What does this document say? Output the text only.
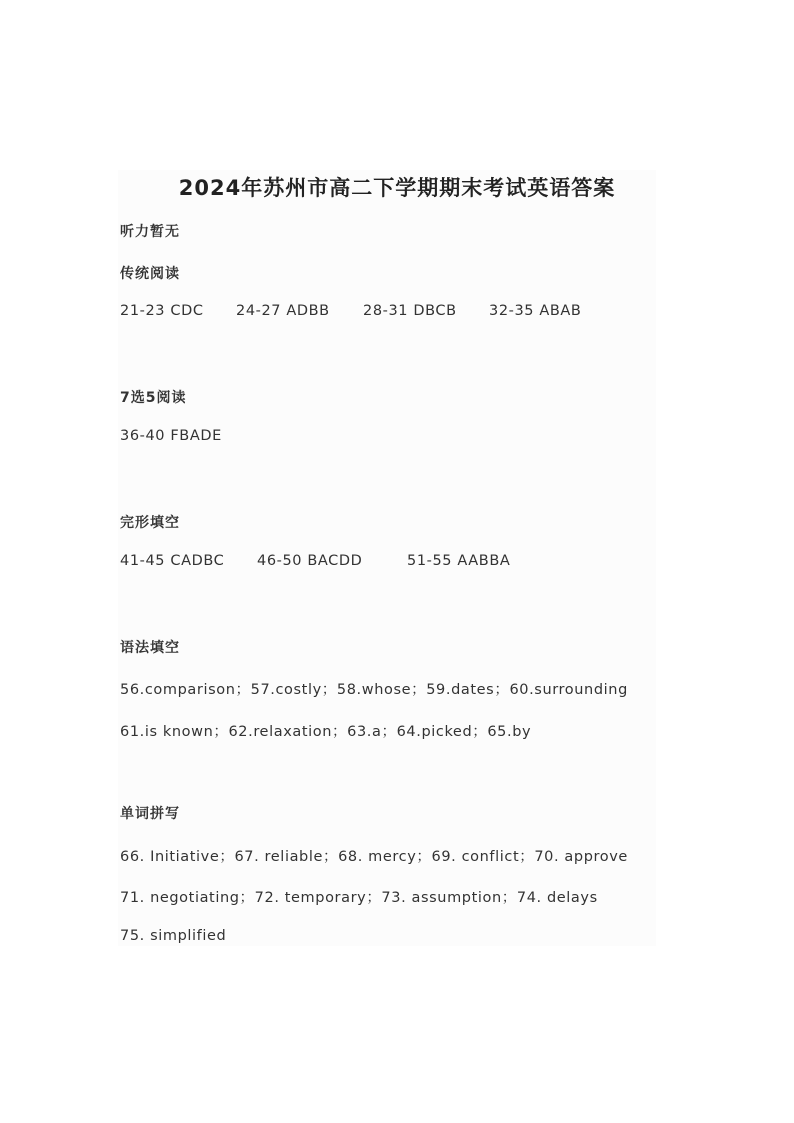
2024年苏州市高二下学期期末考试英语答案
听力暂无
传统阅读
21-23 CDC 24-27 ADBB 28-31 DBCB 32-35 ABAB
7选5阅读
36-40 FBADE
完形填空
41-45 CADBC 46-50 BACDD	51-55 AABBA
语法填空
56.comparison；57.costly；58.whose；59.dates；60.surrounding
61.is known；62.relaxation；63.a；64.picked；65.by
单词拼写
66. Initiative；67. reliable；68. mercy；69. conflict；70. approve
71. negotiating；72. temporary；73. assumption；74. delays
75. simplified
